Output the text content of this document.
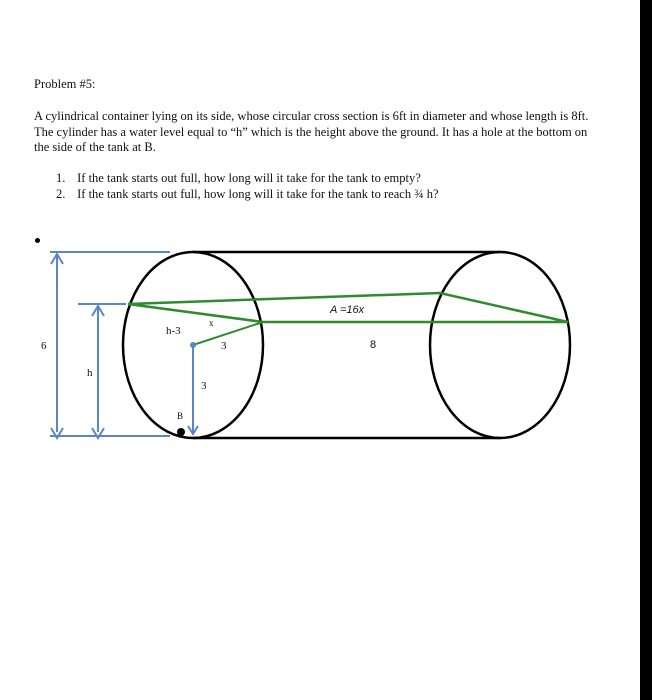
Problem #5:
A cylindrical container lying on its side, whose circular cross section is 6ft in diameter and whose length is 8ft. The cylinder has a water level equal to “h” which is the height above the ground. It has a hole at the bottom on the side of the tank at B.
1. If the tank starts out full, how long will it take for the tank to empty?
2. If the tank starts out full, how long will it take for the tank to reach ¾ h?
6
h
h-3
x
3
3
B
A =16x
8
